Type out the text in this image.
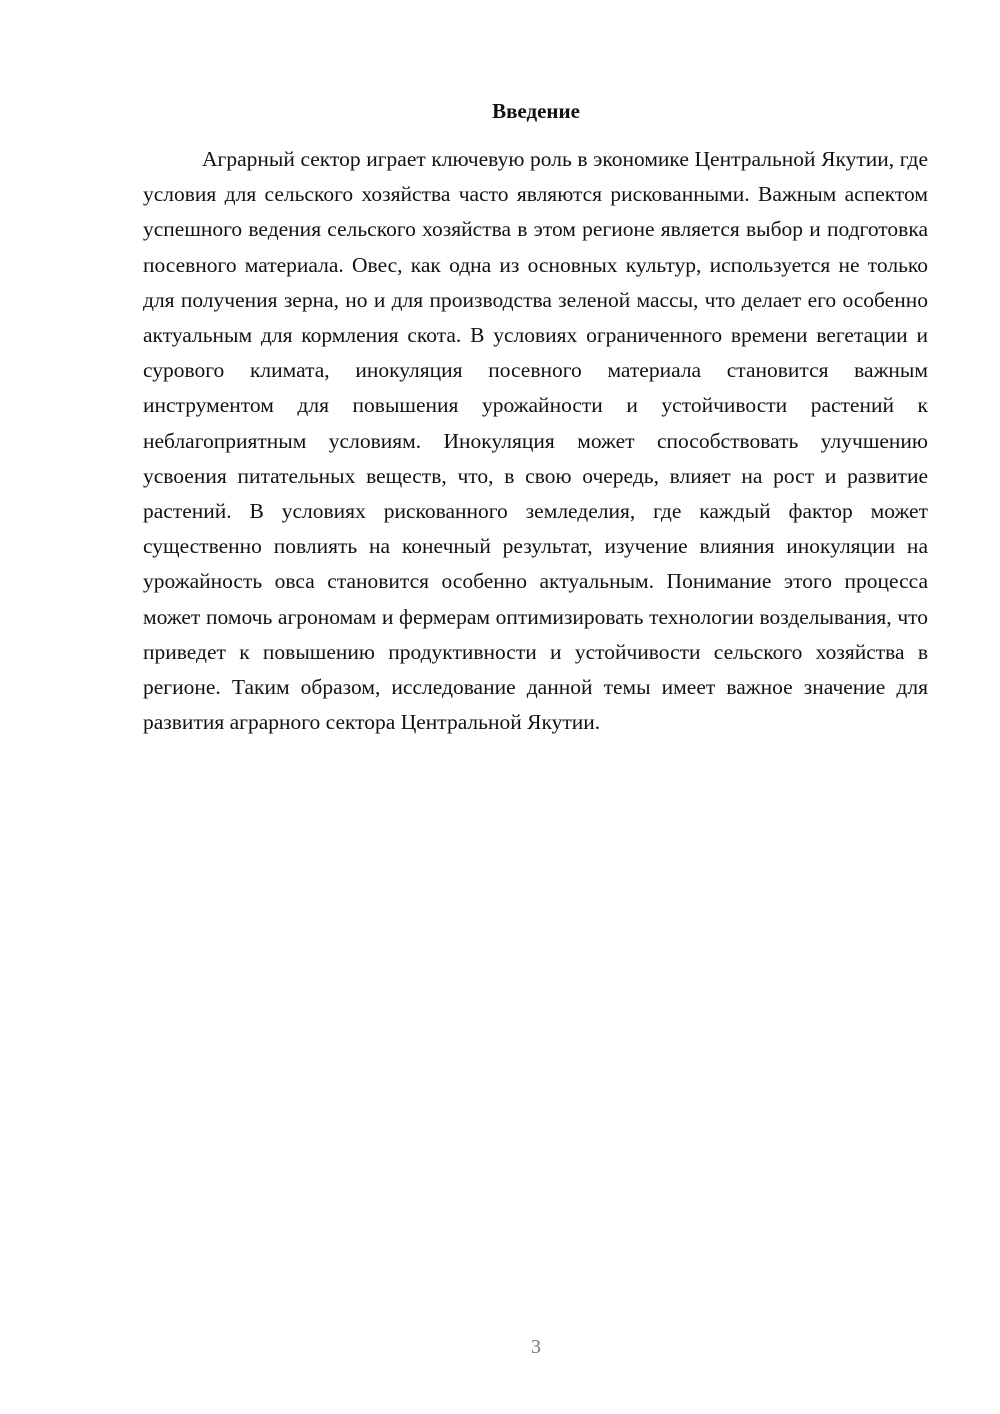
Введение

Аграрный сектор играет ключевую роль в экономике Центральной Якутии, где условия для сельского хозяйства часто являются рискованными. Важным аспектом успешного ведения сельского хозяйства в этом регионе является выбор и подготовка посевного материала. Овес, как одна из основных культур, используется не только для получения зерна, но и для производства зеленой массы, что делает его особенно актуальным для кормления скота. В условиях ограниченного времени вегетации и сурового климата, инокуляция посевного материала становится важным инструментом для повышения урожайности и устойчивости растений к неблагоприятным условиям. Инокуляция может способствовать улучшению усвоения питательных веществ, что, в свою очередь, влияет на рост и развитие растений. В условиях рискованного земледелия, где каждый фактор может существенно повлиять на конечный результат, изучение влияния инокуляции на урожайность овса становится особенно актуальным. Понимание этого процесса может помочь агрономам и фермерам оптимизировать технологии возделывания, что приведет к повышению продуктивности и устойчивости сельского хозяйства в регионе. Таким образом, исследование данной темы имеет важное значение для развития аграрного сектора Центральной Якутии.

3
